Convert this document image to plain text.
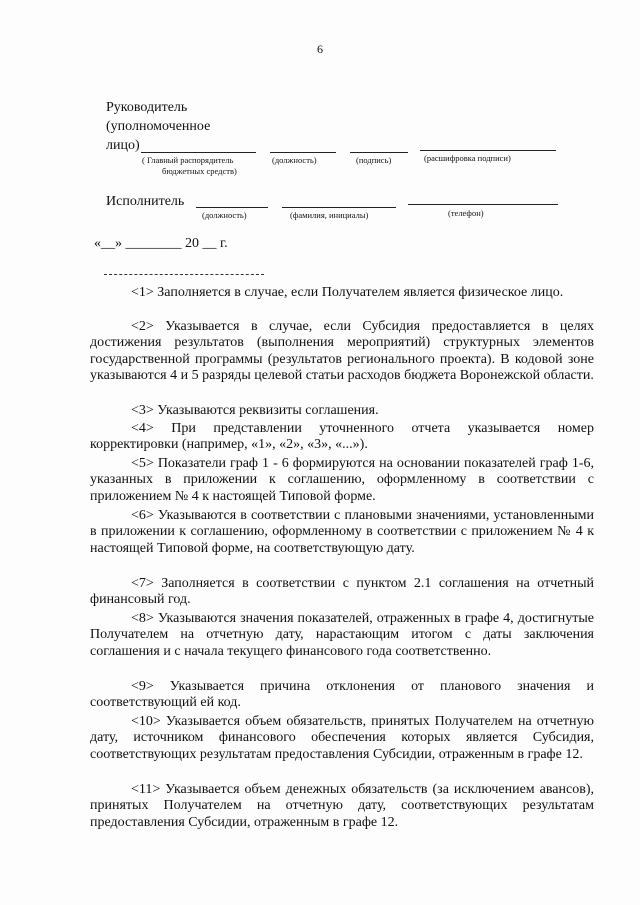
6
Руководитель
(уполномоченное
лицо)
( Главный распорядитель
бюджетных средств)
(должность)	(подпись)	(расшифровка подписи)
Исполнитель
(должность)	(фамилия, инициалы)	(телефон)
«__» ________ 20 __ г.

<1> Заполняется в случае, если Получателем является физическое лицо.

<2> Указывается в случае, если Субсидия предоставляется в целях достижения результатов (выполнения мероприятий) структурных элементов государственной программы (результатов регионального проекта). В кодовой зоне указываются 4 и 5 разряды целевой статьи расходов бюджета Воронежской области.

<3> Указываются реквизиты соглашения.

<4> При представлении уточненного отчета указывается номер корректировки (например, «1», «2», «3», «...»).

<5> Показатели граф 1 - 6 формируются на основании показателей граф 1-6, указанных в приложении к соглашению, оформленному в соответствии с приложением № 4 к настоящей Типовой форме.

<6> Указываются в соответствии с плановыми значениями, установленными в приложении к соглашению, оформленному в соответствии с приложением № 4 к настоящей Типовой форме, на соответствующую дату.

<7> Заполняется в соответствии с пунктом 2.1 соглашения на отчетный финансовый год.

<8> Указываются значения показателей, отраженных в графе 4, достигнутые Получателем на отчетную дату, нарастающим итогом с даты заключения соглашения и с начала текущего финансового года соответственно.

<9> Указывается причина отклонения от планового значения и соответствующий ей код.

<10> Указывается объем обязательств, принятых Получателем на отчетную дату, источником финансового обеспечения которых является Субсидия, соответствующих результатам предоставления Субсидии, отраженным в графе 12.

<11> Указывается объем денежных обязательств (за исключением авансов), принятых Получателем на отчетную дату, соответствующих результатам предоставления Субсидии, отраженным в графе 12.
